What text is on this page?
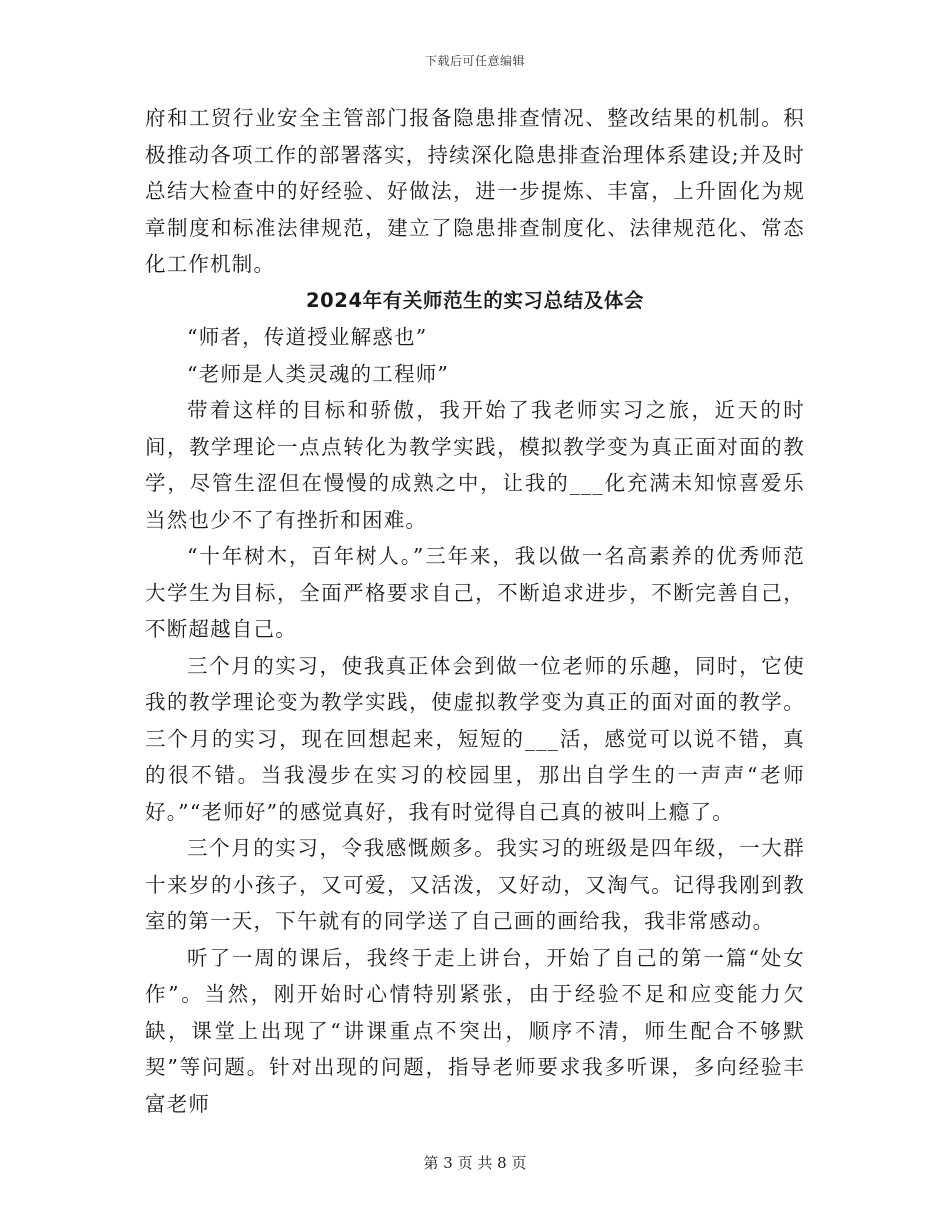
下载后可任意编辑

府和工贸行业安全主管部门报备隐患排查情况、整改结果的机制。积极推动各项工作的部署落实，持续深化隐患排查治理体系建设;并及时总结大检查中的好经验、好做法，进一步提炼、丰富，上升固化为规章制度和标准法律规范，建立了隐患排查制度化、法律规范化、常态化工作机制。

2024年有关师范生的实习总结及体会

“师者，传道授业解惑也”

“老师是人类灵魂的工程师”

带着这样的目标和骄傲，我开始了我老师实习之旅，近天的时间，教学理论一点点转化为教学实践，模拟教学变为真正面对面的教学，尽管生涩但在慢慢的成熟之中，让我的___化充满未知惊喜爱乐当然也少不了有挫折和困难。

“十年树木，百年树人。”三年来，我以做一名高素养的优秀师范大学生为目标，全面严格要求自己，不断追求进步，不断完善自己，不断超越自己。

三个月的实习，使我真正体会到做一位老师的乐趣，同时，它使我的教学理论变为教学实践，使虚拟教学变为真正的面对面的教学。三个月的实习，现在回想起来，短短的___活，感觉可以说不错，真的很不错。当我漫步在实习的校园里，那出自学生的一声声“老师好。”“老师好”的感觉真好，我有时觉得自己真的被叫上瘾了。

三个月的实习，令我感慨颇多。我实习的班级是四年级，一大群十来岁的小孩子，又可爱，又活泼，又好动，又淘气。记得我刚到教室的第一天，下午就有的同学送了自己画的画给我，我非常感动。

听了一周的课后，我终于走上讲台，开始了自己的第一篇“处女作”。当然，刚开始时心情特别紧张，由于经验不足和应变能力欠缺，课堂上出现了“讲课重点不突出，顺序不清，师生配合不够默契”等问题。针对出现的问题，指导老师要求我多听课，多向经验丰富老师

第 3 页 共 8 页
